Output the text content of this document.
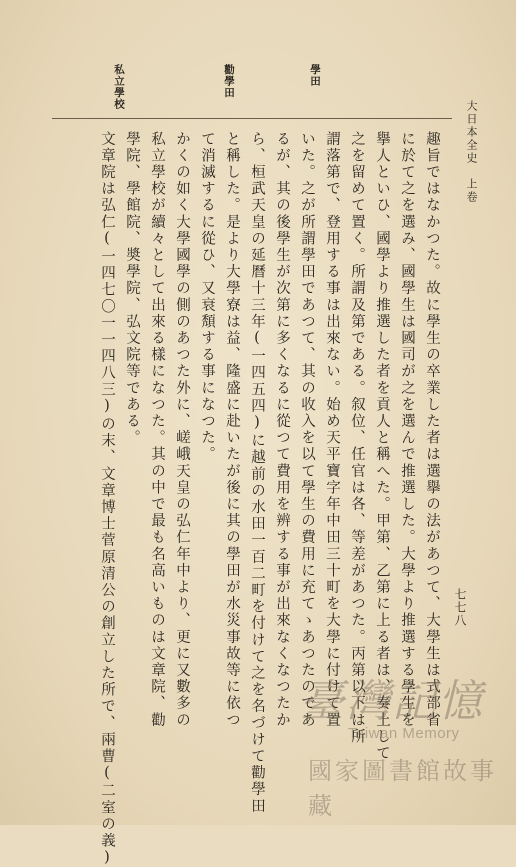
七七八
大日本全史　上卷
學田
勸學田
私立學校
趣旨ではなかつた。故に學生の卒業した者は選擧の法があつて、大學生は式部省
に於て之を選み、國學生は國司が之を選んで推選した。大學より推選する學生を
擧人といひ、國學より推選した者を貢人と稱へた。甲第、乙第に上る者は、奏上して
之を留めて置く。所謂及第である。叙位、任官は各、等差があつた。丙第以下は所
謂落第で、登用する事は出來ない。始め天平寶字年中田三十町を大學に付けて置
いた。之が所謂學田であつて、其の收入を以て學生の費用に充てゝあつたのであ
るが、其の後學生が次第に多くなるに從つて費用を辨する事が出來なくなつたか
ら、桓武天皇の延曆十三年(一四五四)に越前の水田一百二町を付けて之を名づけて勸學田
と稱した。是より大學寮は益、隆盛に赴いたが後に其の學田が水災事故等に依つ
て消滅するに從ひ、又衰頽する事になつた。
かくの如く大學國學の側のあつた外に、嵯峨天皇の弘仁年中より、更に又數多の
私立學校が續々として出來る樣になつた。其の中で最も名高いものは文章院、勸
學院、學館院、奬學院、弘文院等である。
文章院は弘仁(一四七〇一一四八三)の末、文章博士菅原清公の創立した所で、兩曹(二室の義)	臺灣記憶
Taiwan Memory
國家圖書館故事藏
